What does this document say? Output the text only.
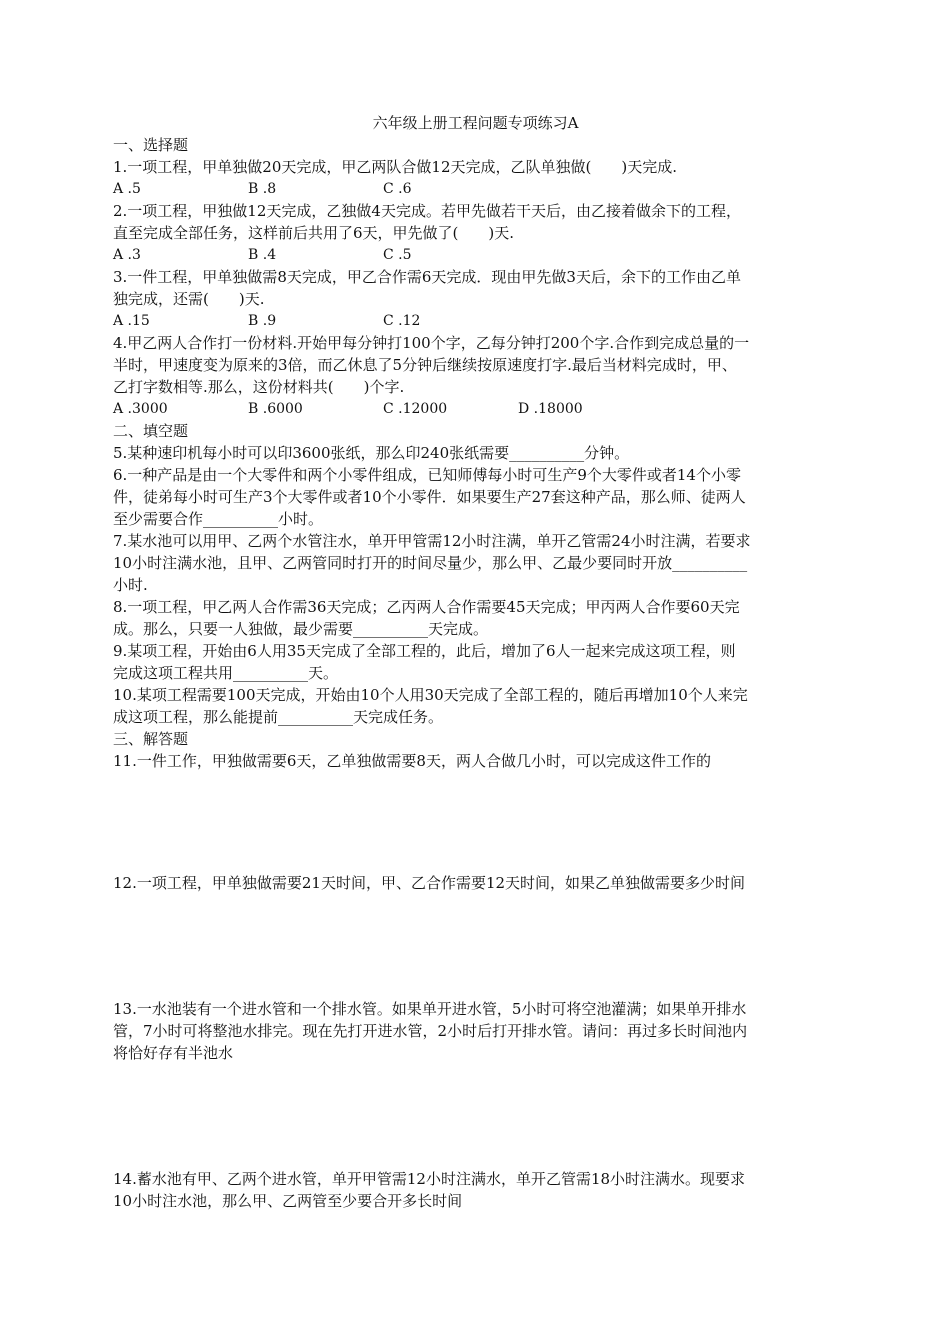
六年级上册工程问题专项练习A

一、选择题

1.一项工程，甲单独做20天完成，甲乙两队合做12天完成，乙队单独做(　　)天完成.

A .5	B .8	C .6

2.一项工程，甲独做12天完成，乙独做4天完成。若甲先做若干天后，由乙接着做余下的工程，

直至完成全部任务，这样前后共用了6天，甲先做了(　　)天.

A .3	B .4	C .5

3.一件工程，甲单独做需8天完成，甲乙合作需6天完成．现由甲先做3天后，余下的工作由乙单

独完成，还需(　　)天.

A .15	B .9	C .12

4.甲乙两人合作打一份材料.开始甲每分钟打100个字，乙每分钟打200个字.合作到完成总量的一

半时，甲速度变为原来的3倍，而乙休息了5分钟后继续按原速度打字.最后当材料完成时，甲、

乙打字数相等.那么，这份材料共(　　)个字.

A .3000	B .6000	C .12000	D .18000

二、填空题

5.某种速印机每小时可以印3600张纸，那么印240张纸需要__________分钟。

6.一种产品是由一个大零件和两个小零件组成，已知师傅每小时可生产9个大零件或者14个小零

件，徒弟每小时可生产3个大零件或者10个小零件．如果要生产27套这种产品，那么师、徒两人

至少需要合作__________小时。

7.某水池可以用甲、乙两个水管注水，单开甲管需12小时注满，单开乙管需24小时注满，若要求

10小时注满水池，且甲、乙两管同时打开的时间尽量少，那么甲、乙最少要同时开放__________

小时.

8.一项工程，甲乙两人合作需36天完成；乙丙两人合作需要45天完成；甲丙两人合作要60天完

成。那么，只要一人独做，最少需要__________天完成。

9.某项工程，开始由6人用35天完成了全部工程的，此后，增加了6人一起来完成这项工程，则

完成这项工程共用__________天。

10.某项工程需要100天完成，开始由10个人用30天完成了全部工程的，随后再增加10个人来完

成这项工程，那么能提前__________天完成任务。

三、解答题

11.一件工作，甲独做需要6天，乙单独做需要8天，两人合做几小时，可以完成这件工作的

12.一项工程，甲单独做需要21天时间，甲、乙合作需要12天时间，如果乙单独做需要多少时间

13.一水池装有一个进水管和一个排水管。如果单开进水管，5小时可将空池灌满；如果单开排水

管，7小时可将整池水排完。现在先打开进水管，2小时后打开排水管。请问：再过多长时间池内

将恰好存有半池水

14.蓄水池有甲、乙两个进水管，单开甲管需12小时注满水，单开乙管需18小时注满水。现要求

10小时注水池，那么甲、乙两管至少要合开多长时间
